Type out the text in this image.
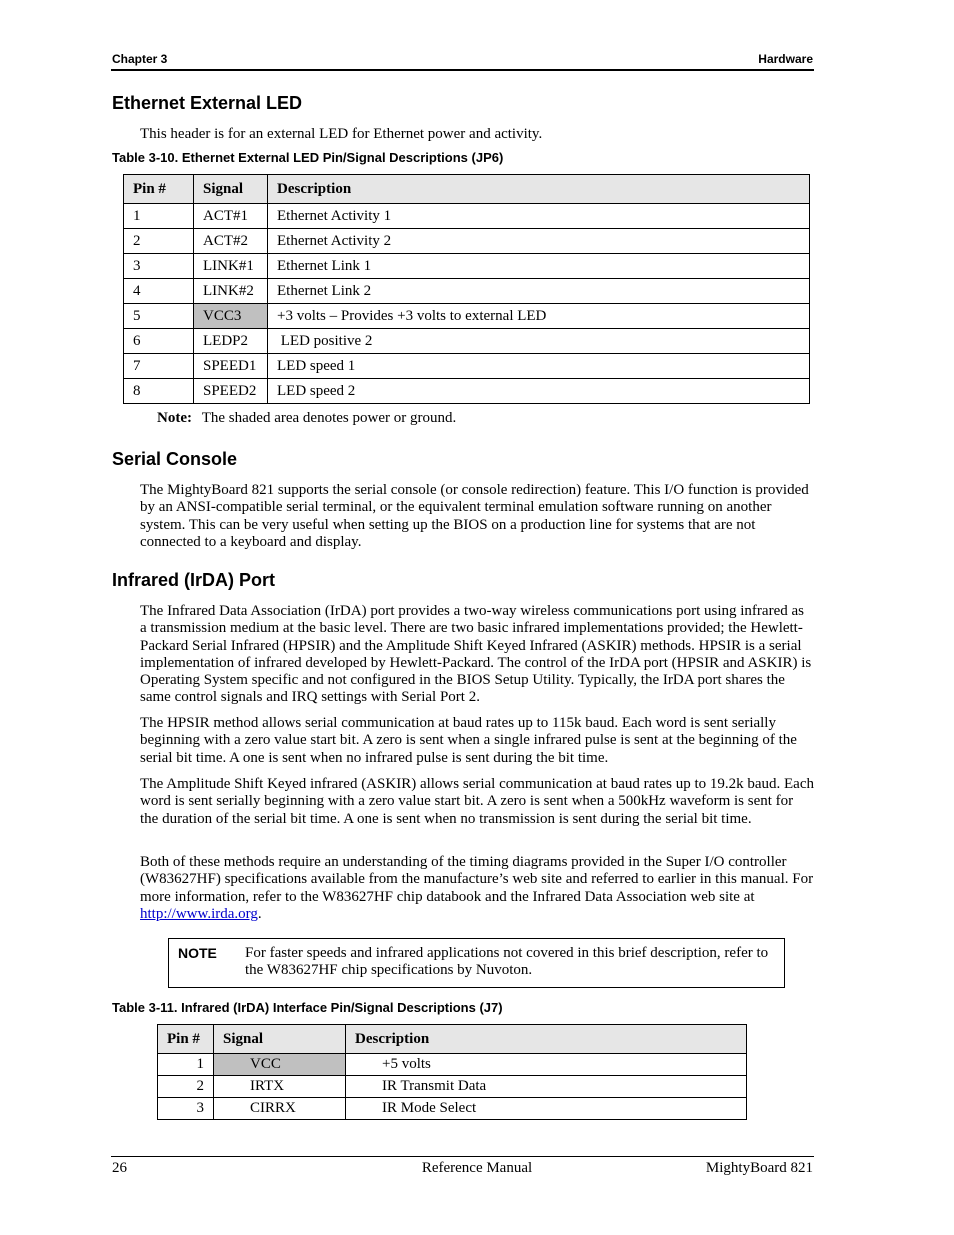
Chapter 3	Hardware
Ethernet External LED

This header is for an external LED for Ethernet power and activity.

Table 3-10. Ethernet External LED Pin/Signal Descriptions (JP6)
Pin #	Signal	Description
1	ACT#1	Ethernet Activity 1
2	ACT#2	Ethernet Activity 2
3	LINK#1	Ethernet Link 1
4	LINK#2	Ethernet Link 2
5	VCC3	+3 volts – Provides +3 volts to external LED
6	LEDP2	LED positive 2
7	SPEED1	LED speed 1
8	SPEED2	LED speed 2
Note: The shaded area denotes power or ground.
Serial Console

The MightyBoard 821 supports the serial console (or console redirection) feature. This I/O function is provided by an ANSI-compatible serial terminal, or the equivalent terminal emulation software running on another system. This can be very useful when setting up the BIOS on a production line for systems that are not connected to a keyboard and display.

Infrared (IrDA) Port

The Infrared Data Association (IrDA) port provides a two-way wireless communications port using infrared as a transmission medium at the basic level. There are two basic infrared implementations provided; the Hewlett-Packard Serial Infrared (HPSIR) and the Amplitude Shift Keyed Infrared (ASKIR) methods. HPSIR is a serial implementation of infrared developed by Hewlett-Packard. The control of the IrDA port (HPSIR and ASKIR) is Operating System specific and not configured in the BIOS Setup Utility. Typically, the IrDA port shares the same control signals and IRQ settings with Serial Port 2.

The HPSIR method allows serial communication at baud rates up to 115k baud. Each word is sent serially beginning with a zero value start bit. A zero is sent when a single infrared pulse is sent at the beginning of the serial bit time. A one is sent when no infrared pulse is sent during the bit time.

The Amplitude Shift Keyed infrared (ASKIR) allows serial communication at baud rates up to 19.2k baud. Each word is sent serially beginning with a zero value start bit. A zero is sent when a 500kHz waveform is sent for the duration of the serial bit time. A one is sent when no transmission is sent during the serial bit time.

Both of these methods require an understanding of the timing diagrams provided in the Super I/O controller (W83627HF) specifications available from the manufacture’s web site and referred to earlier in this manual. For more information, refer to the W83627HF chip databook and the Infrared Data Association web site at http://www.irda.org.

NOTE For faster speeds and infrared applications not covered in this brief description, refer to the W83627HF chip specifications by Nuvoton.
Table 3-11. Infrared (IrDA) Interface Pin/Signal Descriptions (J7)
Pin #	Signal	Description
1	VCC	+5 volts
2	IRTX	IR Transmit Data
3	CIRRX	IR Mode Select
26	Reference Manual	MightyBoard 821
